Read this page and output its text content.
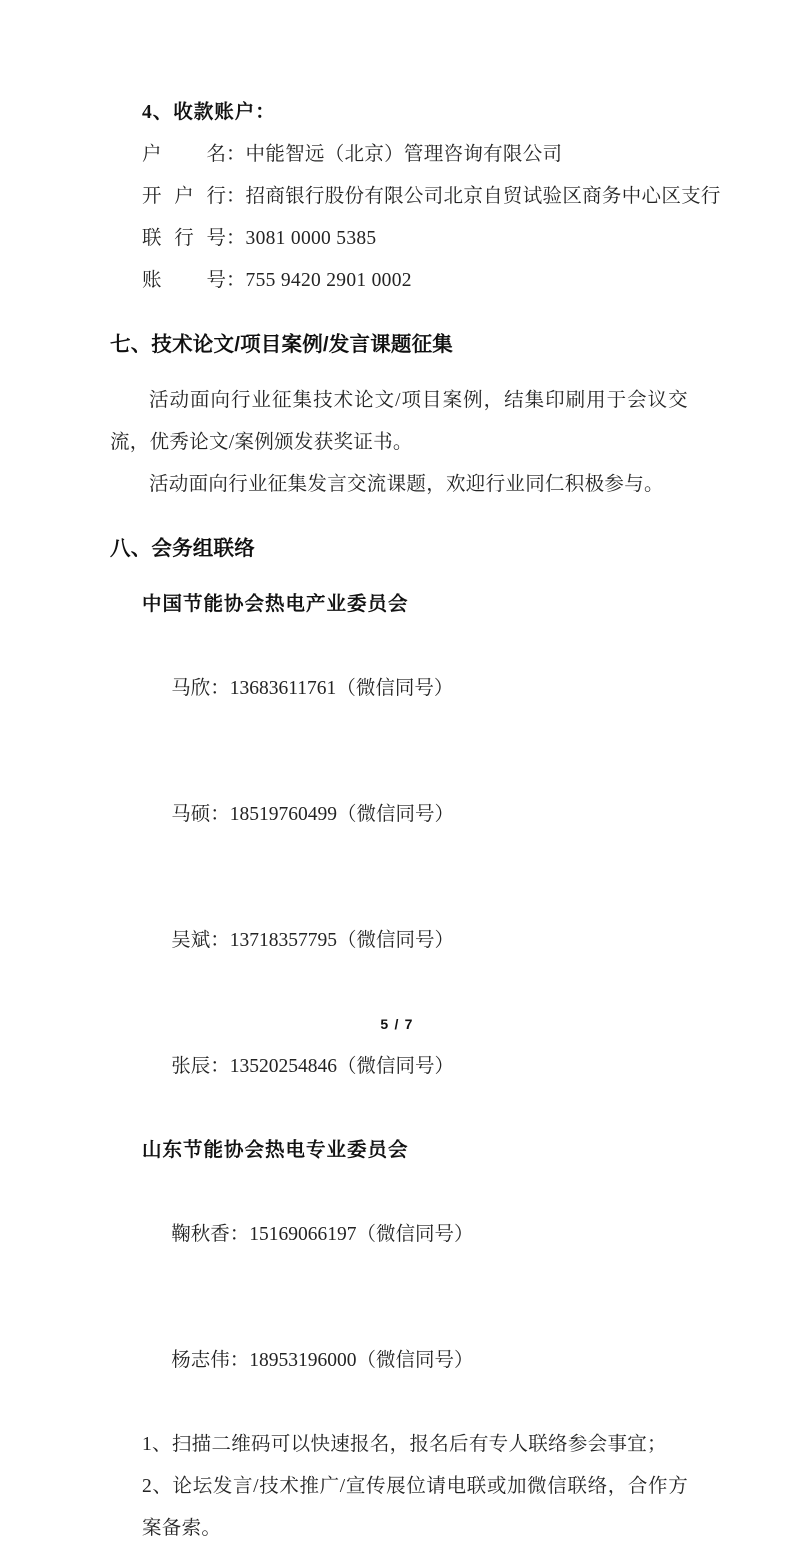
4、收款账户：
户名 ： 中能智远（北京）管理咨询有限公司
开户行 ： 招商银行股份有限公司北京自贸试验区商务中心区支行
联行号 ： 3081 0000 5385
账号 ： 755 9420 2901 0002
七、技术论文/项目案例/发言课题征集

活动面向行业征集技术论文/项目案例，结集印刷用于会议交流，优秀论文/案例颁发获奖证书。

活动面向行业征集发言交流课题，欢迎行业同仁积极参与。

八、会务组联络
中国节能协会热电产业委员会

马欣：13683611761（微信同号）

马硕：18519760499（微信同号）

吴斌：13718357795（微信同号）

张辰：13520254846（微信同号）

山东节能协会热电专业委员会

鞠秋香：15169066197（微信同号）

杨志伟：18953196000（微信同号）

1、扫描二维码可以快速报名，报名后有专人联络参会事宜；

2、论坛发言/技术推广/宣传展位请电联或加微信联络，合作方案备索。

5 / 7
